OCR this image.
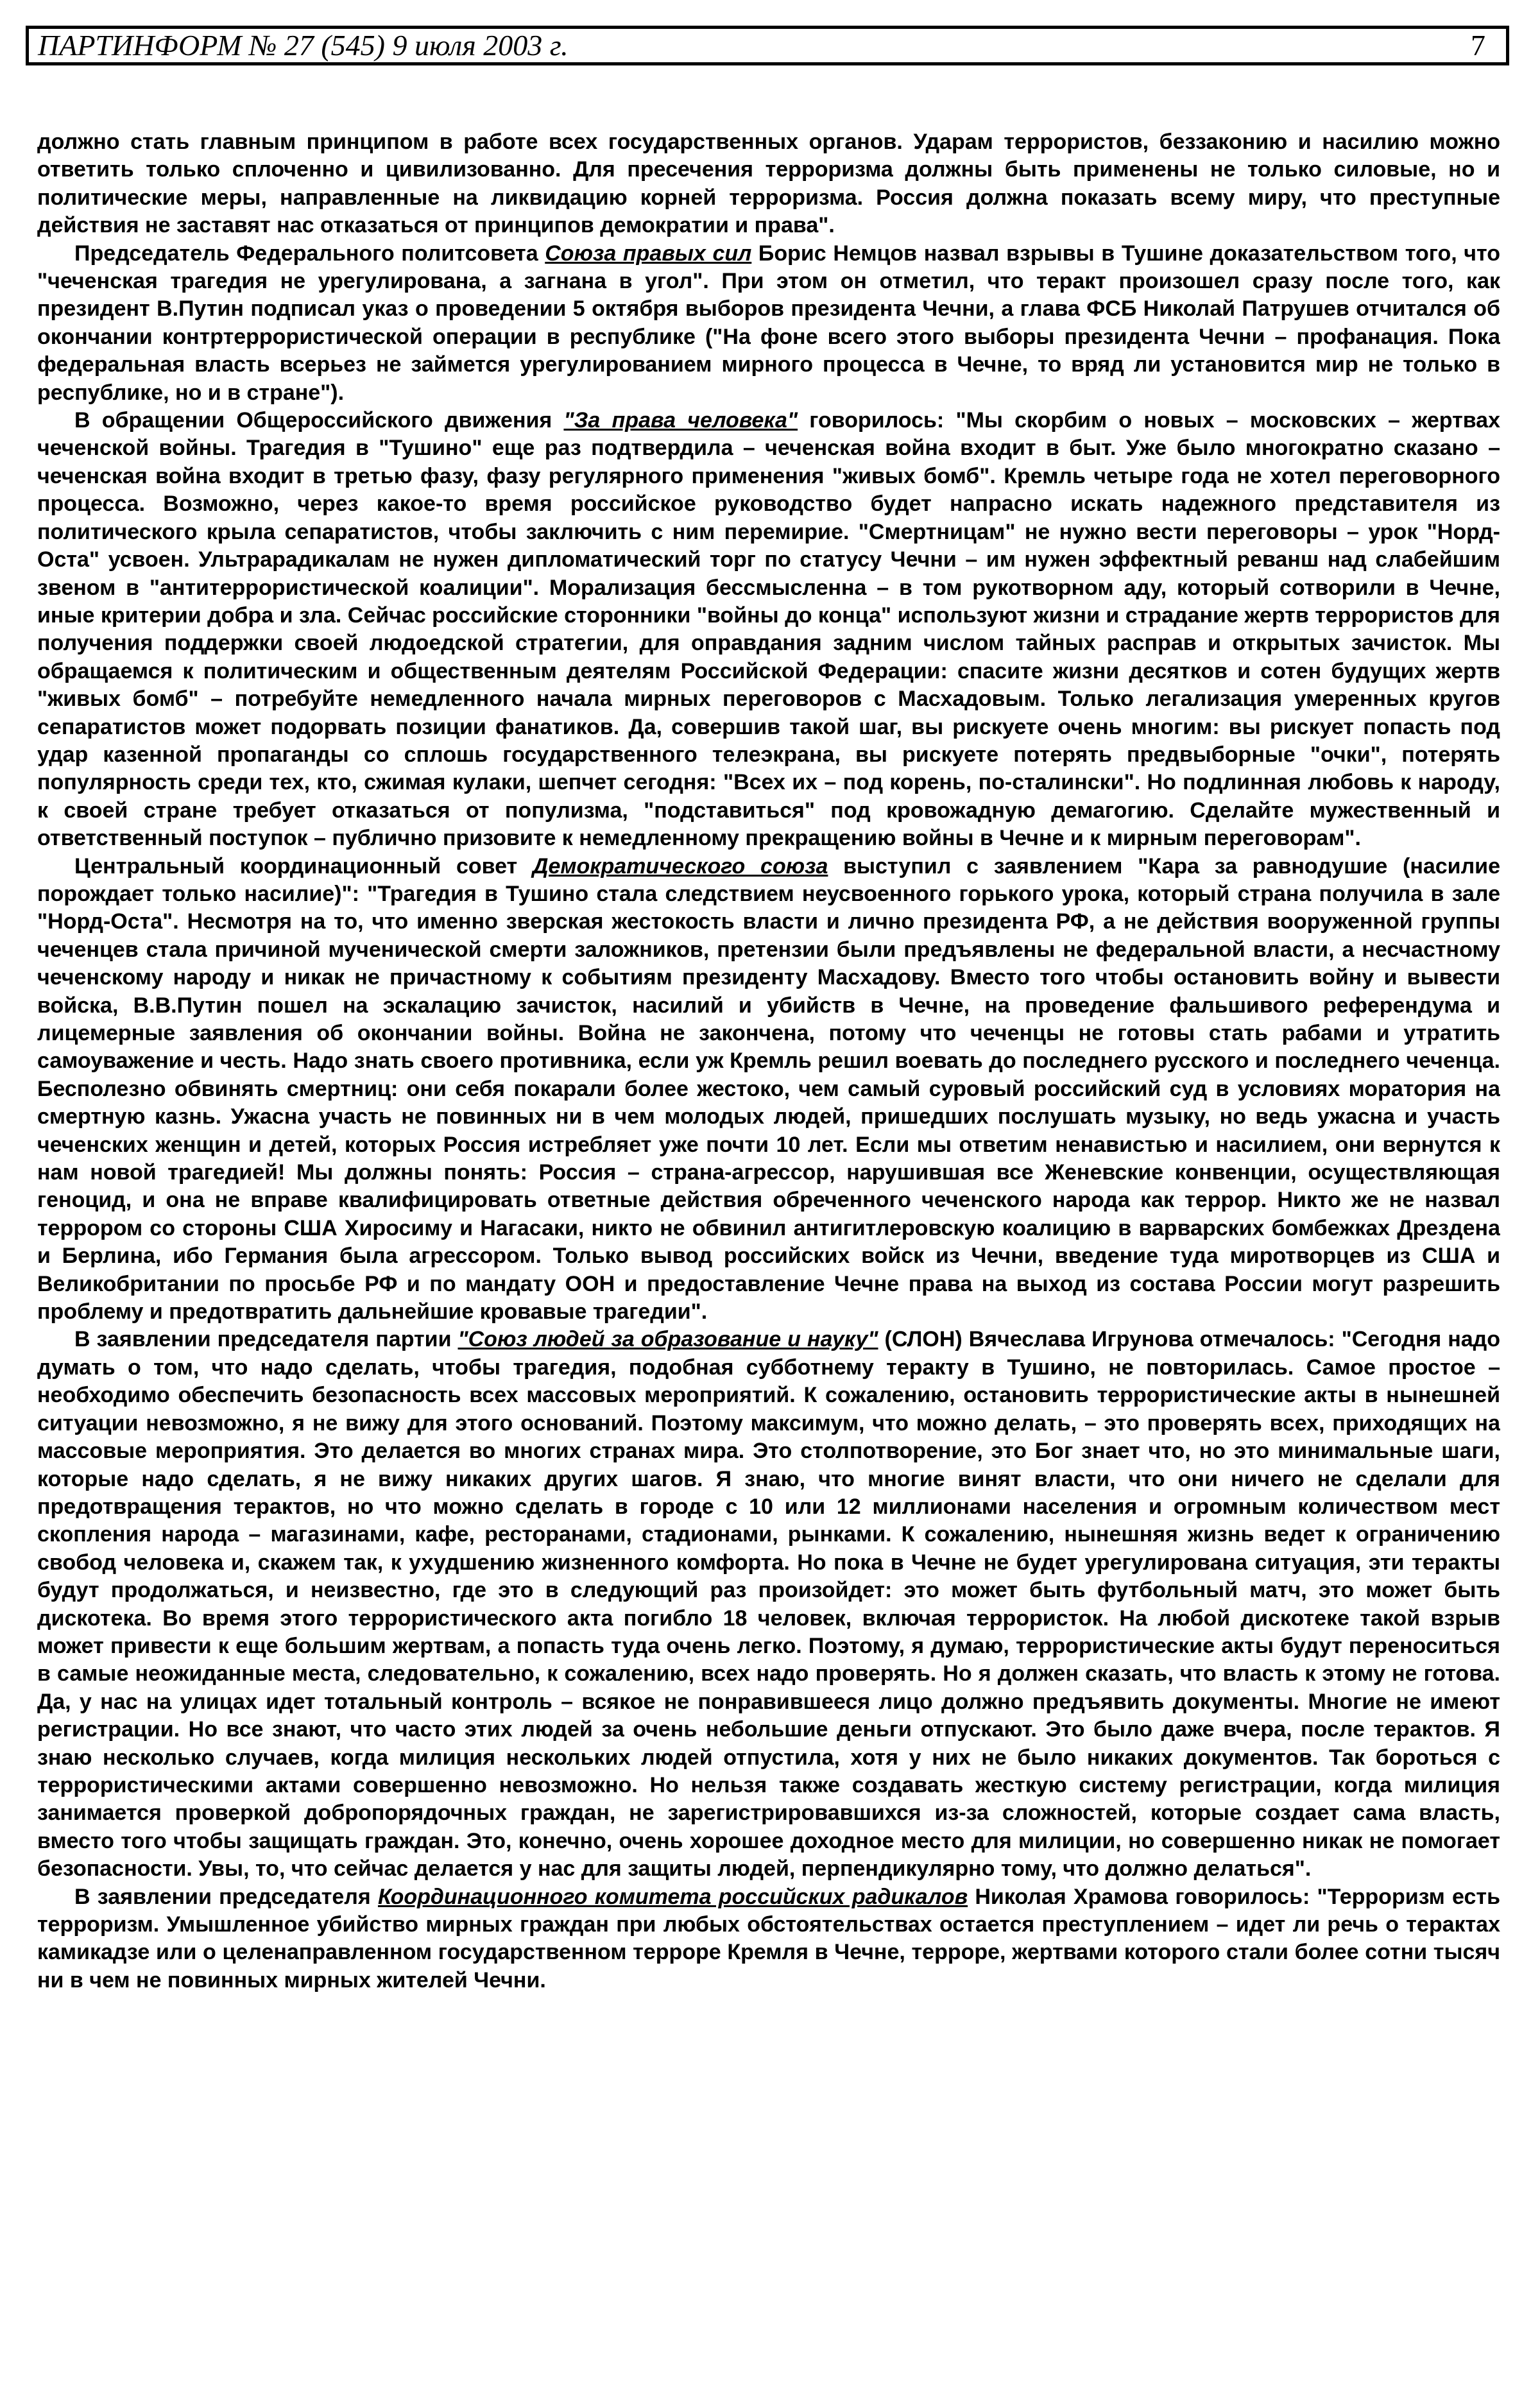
ПАРТИНФОРМ № 27 (545) 9 июля 2003 г.	7

должно стать главным принципом в работе всех государственных органов. Ударам террористов, беззаконию и насилию можно ответить только сплоченно и цивилизованно. Для пресечения терроризма должны быть применены не только силовые, но и политические меры, направленные на ликвидацию корней терроризма. Россия должна показать всему миру, что преступные действия не заставят нас отказаться от принципов демократии и права".

Председатель Федерального политсовета Союза правых сил Борис Немцов назвал взрывы в Тушине доказательством того, что "чеченская трагедия не урегулирована, а загнана в угол". При этом он отметил, что теракт произошел сразу после того, как президент В.Путин подписал указ о проведении 5 октября выборов президента Чечни, а глава ФСБ Николай Патрушев отчитался об окончании контртеррористической операции в республике ("На фоне всего этого выборы президента Чечни – профанация. Пока федеральная власть всерьез не займется урегулированием мирного процесса в Чечне, то вряд ли установится мир не только в республике, но и в стране").

В обращении Общероссийского движения "За права человека" говорилось: "Мы скорбим о новых – московских – жертвах чеченской войны. Трагедия в "Тушино" еще раз подтвердила – чеченская война входит в быт. Уже было многократно сказано – чеченская война входит в третью фазу, фазу регулярного применения "живых бомб". Кремль четыре года не хотел переговорного процесса. Возможно, через какое-то время российское руководство будет напрасно искать надежного представителя из политического крыла сепаратистов, чтобы заключить с ним перемирие. "Смертницам" не нужно вести переговоры – урок "Норд-Оста" усвоен. Ультрарадикалам не нужен дипломатический торг по статусу Чечни – им нужен эффектный реванш над слабейшим звеном в "антитеррористической коалиции". Морализация бессмысленна – в том рукотворном аду, который сотворили в Чечне, иные критерии добра и зла. Сейчас российские сторонники "войны до конца" используют жизни и страдание жертв террористов для получения поддержки своей людоедской стратегии, для оправдания задним числом тайных расправ и открытых зачисток. Мы обращаемся к политическим и общественным деятелям Российской Федерации: спасите жизни десятков и сотен будущих жертв "живых бомб" – потребуйте немедленного начала мирных переговоров с Масхадовым. Только легализация умеренных кругов сепаратистов может подорвать позиции фанатиков. Да, совершив такой шаг, вы рискуете очень многим: вы рискует попасть под удар казенной пропаганды со сплошь государственного телеэкрана, вы рискуете потерять предвыборные "очки", потерять популярность среди тех, кто, сжимая кулаки, шепчет сегодня: "Всех их – под корень, по-сталински". Но подлинная любовь к народу, к своей стране требует отказаться от популизма, "подставиться" под кровожадную демагогию. Сделайте мужественный и ответственный поступок – публично призовите к немедленному прекращению войны в Чечне и к мирным переговорам".

Центральный координационный совет Демократического союза выступил с заявлением "Кара за равнодушие (насилие порождает только насилие)": "Трагедия в Тушино стала следствием неусвоенного горького урока, который страна получила в зале "Норд-Оста". Несмотря на то, что именно зверская жестокость власти и лично президента РФ, а не действия вооруженной группы чеченцев стала причиной мученической смерти заложников, претензии были предъявлены не федеральной власти, а несчастному чеченскому народу и никак не причастному к событиям президенту Масхадову. Вместо того чтобы остановить войну и вывести войска, В.В.Путин пошел на эскалацию зачисток, насилий и убийств в Чечне, на проведение фальшивого референдума и лицемерные заявления об окончании войны. Война не закончена, потому что чеченцы не готовы стать рабами и утратить самоуважение и честь. Надо знать своего противника, если уж Кремль решил воевать до последнего русского и последнего чеченца. Бесполезно обвинять смертниц: они себя покарали более жестоко, чем самый суровый российский суд в условиях моратория на смертную казнь. Ужасна участь не повинных ни в чем молодых людей, пришедших послушать музыку, но ведь ужасна и участь чеченских женщин и детей, которых Россия истребляет уже почти 10 лет. Если мы ответим ненавистью и насилием, они вернутся к нам новой трагедией! Мы должны понять: Россия – страна-агрессор, нарушившая все Женевские конвенции, осуществляющая геноцид, и она не вправе квалифицировать ответные действия обреченного чеченского народа как террор. Никто же не назвал террором со стороны США Хиросиму и Нагасаки, никто не обвинил антигитлеровскую коалицию в варварских бомбежках Дрездена и Берлина, ибо Германия была агрессором. Только вывод российских войск из Чечни, введение туда миротворцев из США и Великобритании по просьбе РФ и по мандату ООН и предоставление Чечне права на выход из состава России могут разрешить проблему и предотвратить дальнейшие кровавые трагедии".

В заявлении председателя партии "Союз людей за образование и науку" (СЛОН) Вячеслава Игрунова отмечалось: "Сегодня надо думать о том, что надо сделать, чтобы трагедия, подобная субботнему теракту в Тушино, не повторилась. Самое простое – необходимо обеспечить безопасность всех массовых мероприятий. К сожалению, остановить террористические акты в нынешней ситуации невозможно, я не вижу для этого оснований. Поэтому максимум, что можно делать, – это проверять всех, приходящих на массовые мероприятия. Это делается во многих странах мира. Это столпотворение, это Бог знает что, но это минимальные шаги, которые надо сделать, я не вижу никаких других шагов. Я знаю, что многие винят власти, что они ничего не сделали для предотвращения терактов, но что можно сделать в городе с 10 или 12 миллионами населения и огромным количеством мест скопления народа – магазинами, кафе, ресторанами, стадионами, рынками. К сожалению, нынешняя жизнь ведет к ограничению свобод человека и, скажем так, к ухудшению жизненного комфорта. Но пока в Чечне не будет урегулирована ситуация, эти теракты будут продолжаться, и неизвестно, где это в следующий раз произойдет: это может быть футбольный матч, это может быть дискотека. Во время этого террористического акта погибло 18 человек, включая террористок. На любой дискотеке такой взрыв может привести к еще большим жертвам, а попасть туда очень легко. Поэтому, я думаю, террористические акты будут переноситься в самые неожиданные места, следовательно, к сожалению, всех надо проверять. Но я должен сказать, что власть к этому не готова. Да, у нас на улицах идет тотальный контроль – всякое не понравившееся лицо должно предъявить документы. Многие не имеют регистрации. Но все знают, что часто этих людей за очень небольшие деньги отпускают. Это было даже вчера, после терактов. Я знаю несколько случаев, когда милиция нескольких людей отпустила, хотя у них не было никаких документов. Так бороться с террористическими актами совершенно невозможно. Но нельзя также создавать жесткую систему регистрации, когда милиция занимается проверкой добропорядочных граждан, не зарегистрировавшихся из-за сложностей, которые создает сама власть, вместо того чтобы защищать граждан. Это, конечно, очень хорошее доходное место для милиции, но совершенно никак не помогает безопасности. Увы, то, что сейчас делается у нас для защиты людей, перпендикулярно тому, что должно делаться".

В заявлении председателя Координационного комитета российских радикалов Николая Храмова говорилось: "Терроризм есть терроризм. Умышленное убийство мирных граждан при любых обстоятельствах остается преступлением – идет ли речь о терактах камикадзе или о целенаправленном государственном терроре Кремля в Чечне, терроре, жертвами которого стали более сотни тысяч ни в чем не повинных мирных жителей Чечни.
